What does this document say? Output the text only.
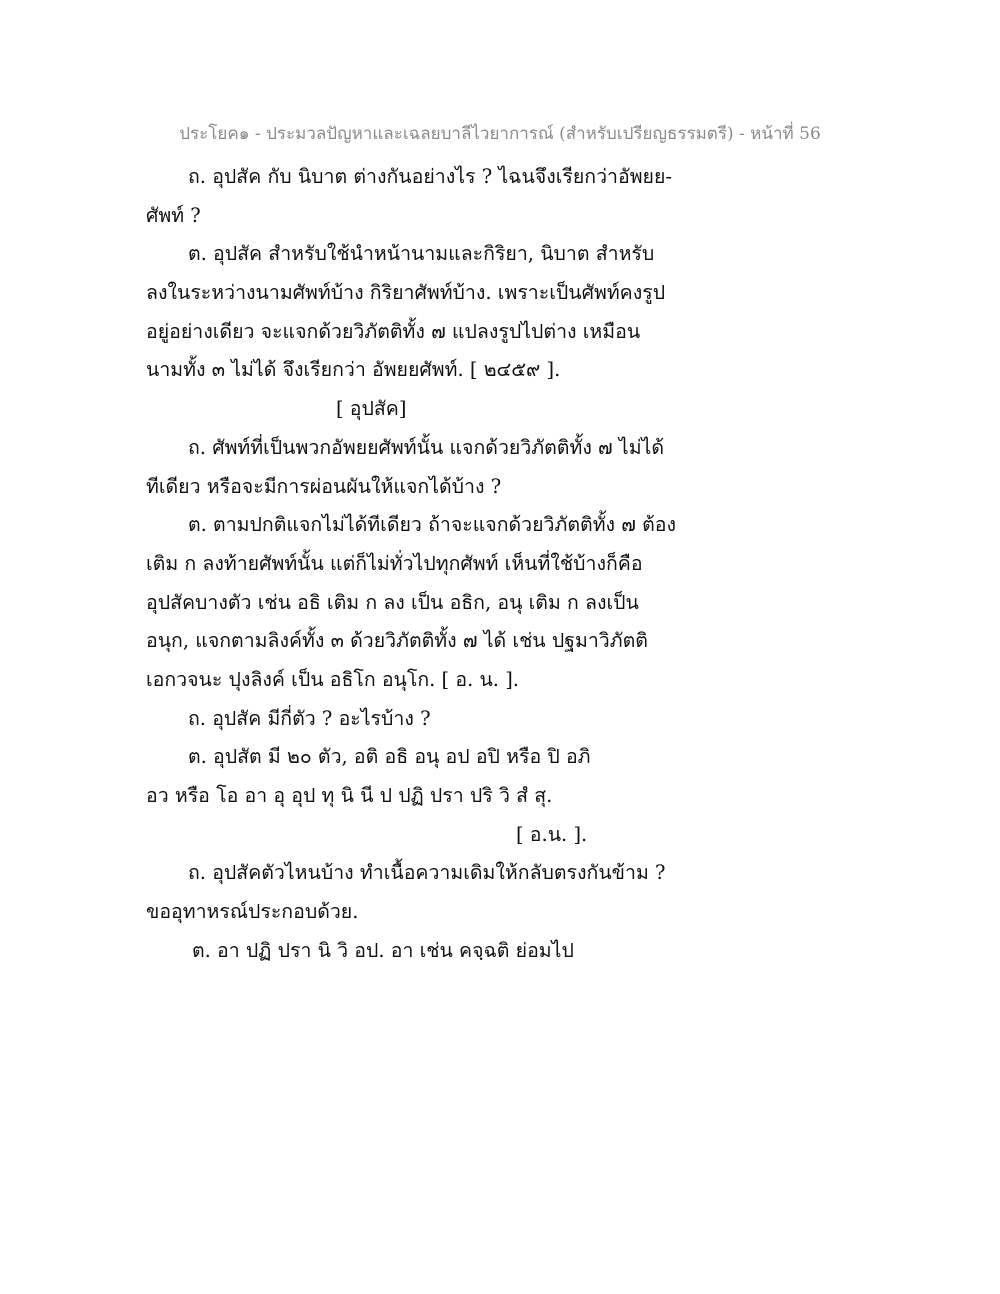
ประโยค๑ - ประมวลปัญหาและเฉลยบาลีไวยาการณ์ (สำหรับเปรียญธรรมตรี) - หน้าที่ 56
ถ. อุปสัค กับ นิบาต ต่างกันอย่างไร ? ไฉนจึงเรียกว่าอัพยย-
ศัพท์ ?
ต. อุปสัค สำหรับใช้นำหน้านามและกิริยา, นิบาต สำหรับ
ลงในระหว่างนามศัพท์บ้าง กิริยาศัพท์บ้าง. เพราะเป็นศัพท์คงรูป
อยู่อย่างเดียว จะแจกด้วยวิภัตติทั้ง ๗ แปลงรูปไปต่าง เหมือน
นามทั้ง ๓ ไม่ได้ จึงเรียกว่า อัพยยศัพท์. [ ๒๔๕๙ ].
[ อุปสัค]
ถ. ศัพท์ที่เป็นพวกอัพยยศัพท์นั้น แจกด้วยวิภัตติทั้ง ๗ ไม่ได้
ทีเดียว หรือจะมีการผ่อนผันให้แจกได้บ้าง ?
ต. ตามปกติแจกไม่ได้ทีเดียว ถ้าจะแจกด้วยวิภัตติทั้ง ๗ ต้อง
เติม ก ลงท้ายศัพท์นั้น แต่ก็ไม่ทั่วไปทุกศัพท์ เห็นที่ใช้บ้างก็คือ
อุปสัคบางตัว เช่น อธิ เติม ก ลง เป็น อธิก, อนุ เติม ก ลงเป็น
อนุก, แจกตามลิงค์ทั้ง ๓ ด้วยวิภัตติทั้ง ๗ ได้ เช่น ปฐมาวิภัตติ
เอกวจนะ ปุงลิงค์ เป็น อธิโก อนุโก. [ อ. น. ].
ถ. อุปสัค มีกี่ตัว ? อะไรบ้าง ?
ต. อุปสัต มี ๒๐ ตัว, อติ อธิ อนุ อป อปิ หรือ ปิ อภิ
อว หรือ โอ อา อุ อุป ทุ นิ นี ป ปฏิ ปรา ปริ วิ สํ สุ.
[ อ.น. ].
ถ. อุปสัคตัวไหนบ้าง ทำเนื้อความเดิมให้กลับตรงกันข้าม ?
ขออุทาหรณ์ประกอบด้วย.
ต. อา ปฏิ ปรา นิ วิ อป. อา เช่น คจฺฉติ ย่อมไป
